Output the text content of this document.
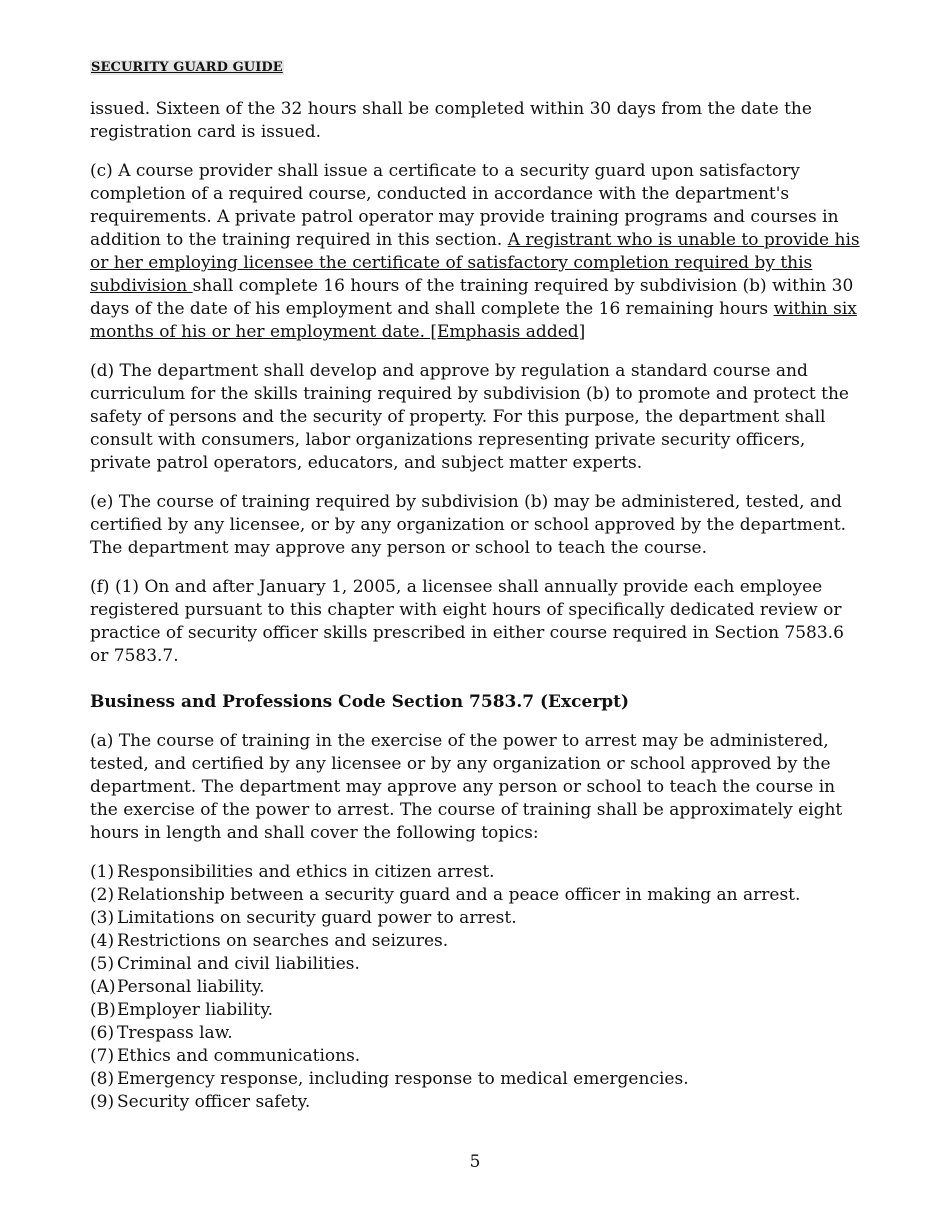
SECURITY GUARD GUIDE

issued. Sixteen of the 32 hours shall be completed within 30 days from the date the registration card is issued.

(c) A course provider shall issue a certificate to a security guard upon satisfactory completion of a required course, conducted in accordance with the department's requirements. A private patrol operator may provide training programs and courses in addition to the training required in this section. A registrant who is unable to provide his or her employing licensee the certificate of satisfactory completion required by this subdivision shall complete 16 hours of the training required by subdivision (b) within 30 days of the date of his employment and shall complete the 16 remaining hours within six months of his or her employment date. [Emphasis added]

(d) The department shall develop and approve by regulation a standard course and curriculum for the skills training required by subdivision (b) to promote and protect the safety of persons and the security of property. For this purpose, the department shall consult with consumers, labor organizations representing private security officers, private patrol operators, educators, and subject matter experts.

(e) The course of training required by subdivision (b) may be administered, tested, and certified by any licensee, or by any organization or school approved by the department. The department may approve any person or school to teach the course.

(f) (1) On and after January 1, 2005, a licensee shall annually provide each employee registered pursuant to this chapter with eight hours of specifically dedicated review or practice of security officer skills prescribed in either course required in Section 7583.6 or 7583.7.

Business and Professions Code Section 7583.7 (Excerpt)

(a) The course of training in the exercise of the power to arrest may be administered, tested, and certified by any licensee or by any organization or school approved by the department. The department may approve any person or school to teach the course in the exercise of the power to arrest. The course of training shall be approximately eight hours in length and shall cover the following topics:

(1) Responsibilities and ethics in citizen arrest.
(2) Relationship between a security guard and a peace officer in making an arrest.
(3) Limitations on security guard power to arrest.
(4) Restrictions on searches and seizures.
(5) Criminal and civil liabilities.
(A) Personal liability.
(B) Employer liability.
(6) Trespass law.
(7) Ethics and communications.
(8) Emergency response, including response to medical emergencies.
(9) Security officer safety.
5
